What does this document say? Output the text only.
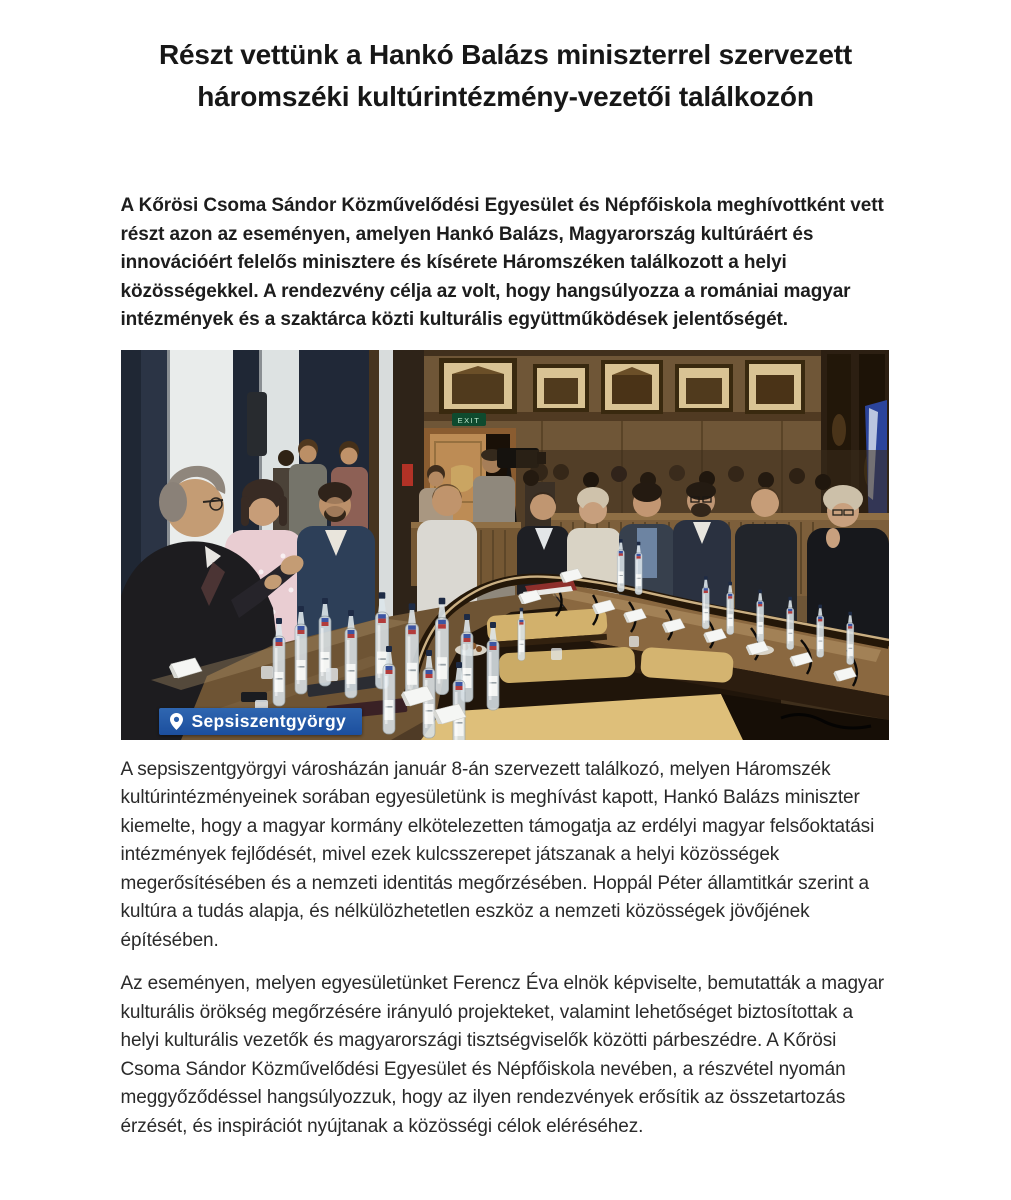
Részt vettünk a Hankó Balázs miniszterrel szervezett háromszéki kultúrintézmény-vezetői találkozón

A Kőrösi Csoma Sándor Közművelődési Egyesület és Népfőiskola meghívottként vett részt azon az eseményen, amelyen Hankó Balázs, Magyarország kultúráért és innovációért felelős minisztere és kísérete Háromszéken találkozott a helyi közösségekkel. A rendezvény célja az volt, hogy hangsúlyozza a romániai magyar intézmények és a szaktárca közti kulturális együttműködések jelentőségét.

EXIT
Sepsiszentgyörgy

A sepsiszentgyörgyi városházán január 8-án szervezett találkozó, melyen Háromszék kultúrintézményeinek sorában egyesületünk is meghívást kapott, Hankó Balázs miniszter kiemelte, hogy a magyar kormány elkötelezetten támogatja az erdélyi magyar felsőoktatási intézmények fejlődését, mivel ezek kulcsszerepet játszanak a helyi közösségek megerősítésében és a nemzeti identitás megőrzésében. Hoppál Péter államtitkár szerint a kultúra a tudás alapja, és nélkülözhetetlen eszköz a nemzeti közösségek jövőjének építésében.

Az eseményen, melyen egyesületünket Ferencz Éva elnök képviselte, bemutatták a magyar kulturális örökség megőrzésére irányuló projekteket, valamint lehetőséget biztosítottak a helyi kulturális vezetők és magyarországi tisztségviselők közötti párbeszédre. A Kőrösi Csoma Sándor Közművelődési Egyesület és Népfőiskola nevében, a részvétel nyomán meggyőződéssel hangsúlyozzuk, hogy az ilyen rendezvények erősítik az összetartozás érzését, és inspirációt nyújtanak a közösségi célok eléréséhez.
